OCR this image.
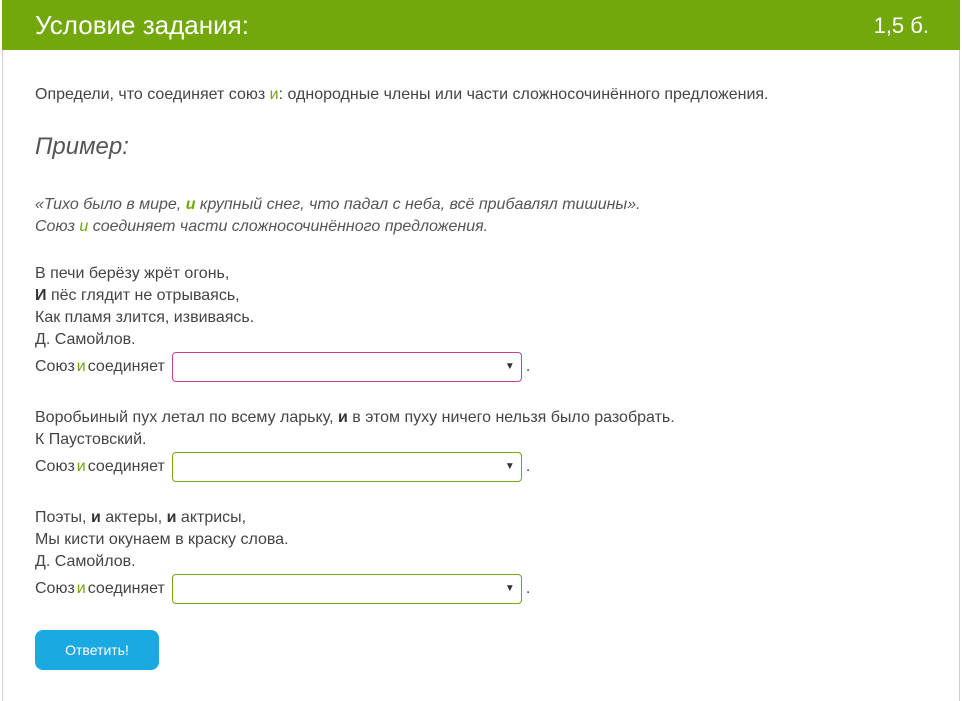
Условие задания:	1,5 б.
Определи, что соединяет союз и: однородные члены или части сложносочинённого предложения.
Пример:
«Тихо было в мире, и крупный снег, что падал с неба, всё прибавлял тишины».
Союз и соединяет части сложносочинённого предложения.
В печи берёзу жрёт огонь,
И пёс глядит не отрываясь,
Как пламя злится, извиваясь.
Д. Самойлов.
Союз и соединяет	▼ .
Воробьиный пух летал по всему ларьку, и в этом пуху ничего нельзя было разобрать.
К Паустовский.
Союз и соединяет	▼ .
Поэты, и актеры, и актрисы,
Мы кисти окунаем в краску слова.
Д. Самойлов.
Союз и соединяет	▼ .
Ответить!
